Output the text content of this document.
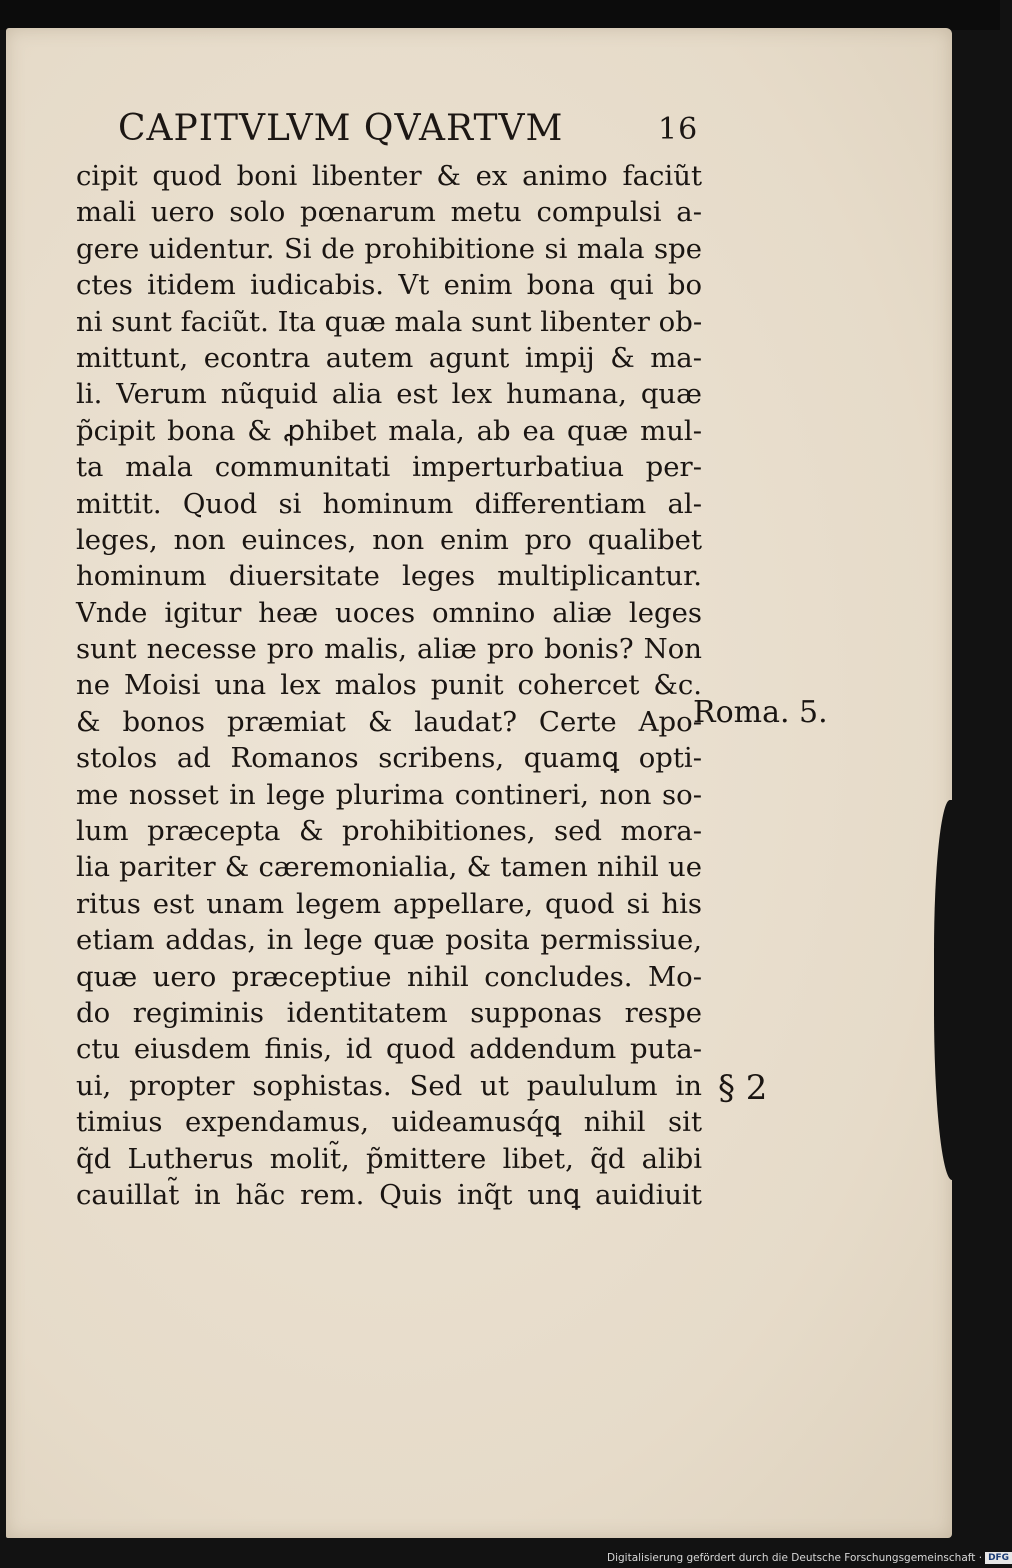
CAPITVLVM QVARTVM	16
cipit quod boni libenter & ex animo faciũt
mali uero solo pœnarum metu compulsi a-
gere uidentur. Si de prohibitione si mala spe
ctes itidem iudicabis. Vt enim bona qui bo
ni sunt faciũt. Ita quæ mala sunt libenter ob-
mittunt, econtra autem agunt impij & ma-
li. Verum nũquid alia est lex humana, quæ
p̃cipit bona & ꝓhibet mala, ab ea quæ mul-
ta mala communitati imperturbatiua per-
mittit. Quod si hominum differentiam al-
leges, non euinces, non enim pro qualibet
hominum diuersitate leges multiplicantur.
Vnde igitur heæ uoces omnino aliæ leges
sunt necesse pro malis, aliæ pro bonis? Non
ne Moisi una lex malos punit cohercet &c.
& bonos præmiat & laudat? Certe Apo-
stolos ad Romanos scribens, quamꝗ opti-
me nosset in lege plurima contineri, non so-
lum præcepta & prohibitiones, sed mora-
lia pariter & cæremonialia, & tamen nihil ue
ritus est unam legem appellare, quod si his
etiam addas, in lege quæ posita permissiue,
quæ uero præceptiue nihil concludes. Mo-
do regiminis identitatem supponas respe
ctu eiusdem finis, id quod addendum puta-
ui, propter sophistas. Sed ut paululum in
timius expendamus, uideamusq́ꝗ nihil sit
q̃d Lutherus molit̃, p̃mittere libet, q̃d alibi
cauillat̃ in hãc rem. Quis inq̃t unꝗ auidiuit
Roma. 5.
§ 2
Digitalisierung gefördert durch die Deutsche Forschungsgemeinschaft · DFG
